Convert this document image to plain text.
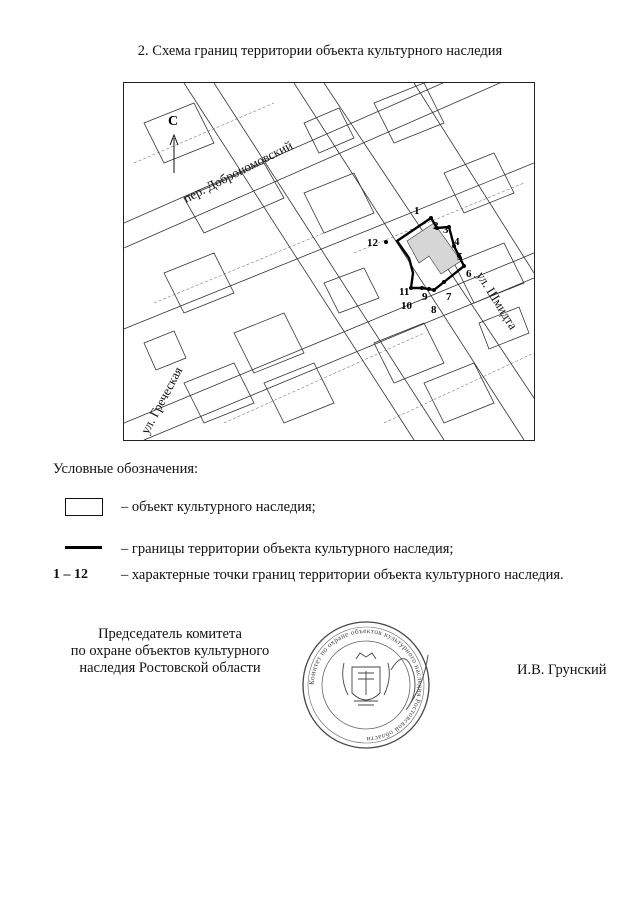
2. Схема границ территории объекта культурного наследия
С
пер. Доброномовский
ул. Шмидта
ул. Греческая
1
2 3
4
5
6
7
8
9
10
11
12
Условные обозначения:
– объект культурного наследия;
– границы территории объекта культурного наследия;
1 – 12 – характерные точки границ территории объекта культурного наследия.
Председатель комитета
по охране объектов культурного
наследия Ростовской области
Комитет по охране объектов культурного наследия Ростовской области
И.В. Грунский
